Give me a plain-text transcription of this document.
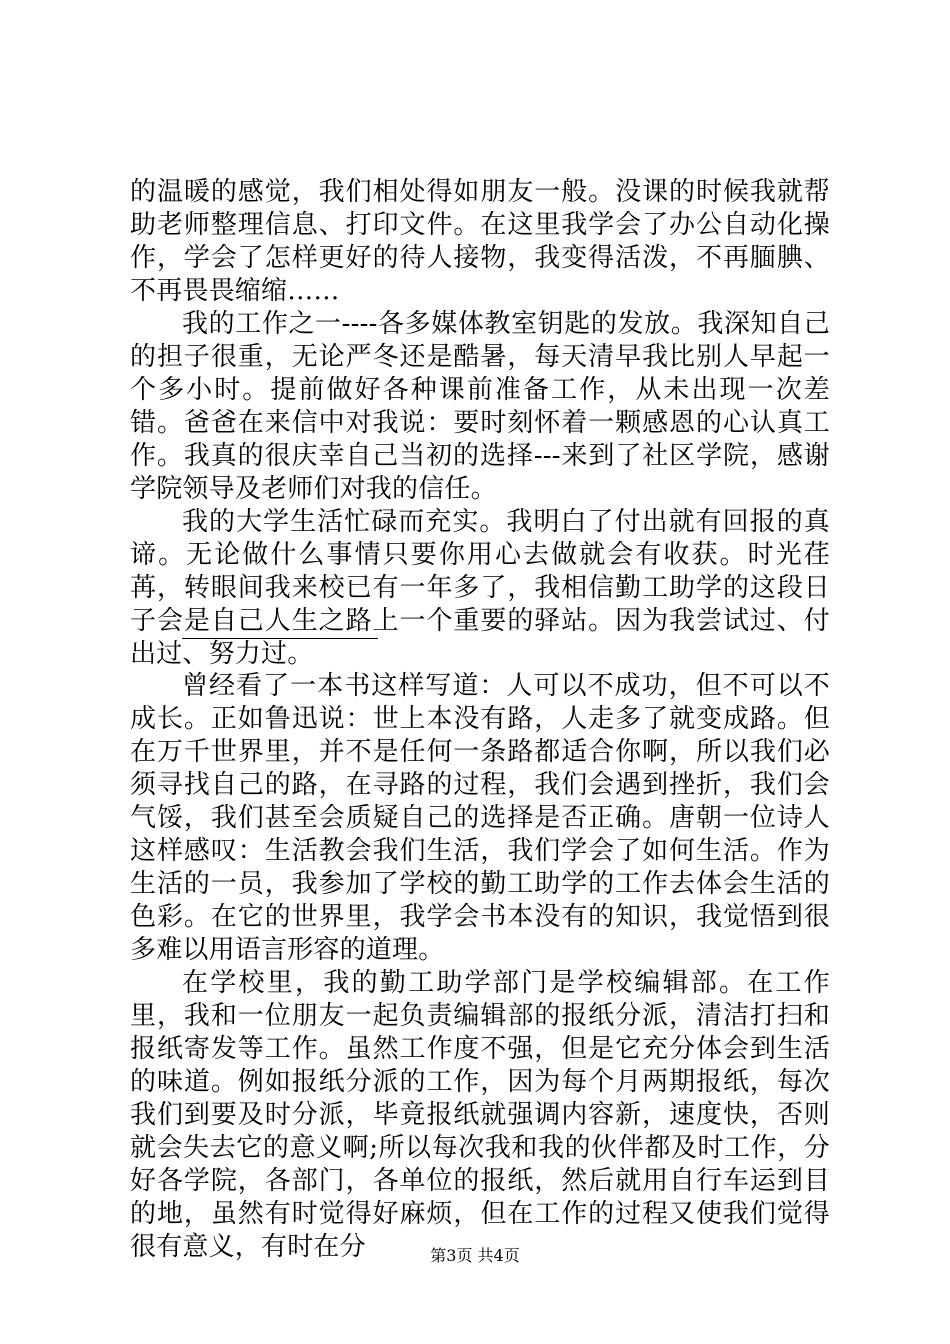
的温暖的感觉，我们相处得如朋友一般。没课的时候我就帮助老师整理信息、打印文件。在这里我学会了办公自动化操作，学会了怎样更好的待人接物，我变得活泼，不再腼腆、不再畏畏缩缩……

我的工作之一----各多媒体教室钥匙的发放。我深知自己的担子很重，无论严冬还是酷暑，每天清早我比别人早起一个多小时。提前做好各种课前准备工作，从未出现一次差错。爸爸在来信中对我说：要时刻怀着一颗感恩的心认真工作。我真的很庆幸自己当初的选择---来到了社区学院，感谢学院领导及老师们对我的信任。

我的大学生活忙碌而充实。我明白了付出就有回报的真谛。无论做什么事情只要你用心去做就会有收获。时光荏苒，转眼间我来校已有一年多了，我相信勤工助学的这段日子会是自己人生之路上一个重要的驿站。因为我尝试过、付出过、努力过。

曾经看了一本书这样写道：人可以不成功，但不可以不成长。正如鲁迅说：世上本没有路，人走多了就变成路。但在万千世界里，并不是任何一条路都适合你啊，所以我们必须寻找自己的路，在寻路的过程，我们会遇到挫折，我们会气馁，我们甚至会质疑自己的选择是否正确。唐朝一位诗人这样感叹：生活教会我们生活，我们学会了如何生活。作为生活的一员，我参加了学校的勤工助学的工作去体会生活的色彩。在它的世界里，我学会书本没有的知识，我觉悟到很多难以用语言形容的道理。

在学校里，我的勤工助学部门是学校编辑部。在工作里，我和一位朋友一起负责编辑部的报纸分派，清洁打扫和报纸寄发等工作。虽然工作度不强，但是它充分体会到生活的味道。例如报纸分派的工作，因为每个月两期报纸，每次我们到要及时分派，毕竟报纸就强调内容新，速度快，否则就会失去它的意义啊;所以每次我和我的伙伴都及时工作，分好各学院，各部门，各单位的报纸，然后就用自行车运到目的地，虽然有时觉得好麻烦，但在工作的过程又使我们觉得很有意义，有时在分	第3页 共4页
